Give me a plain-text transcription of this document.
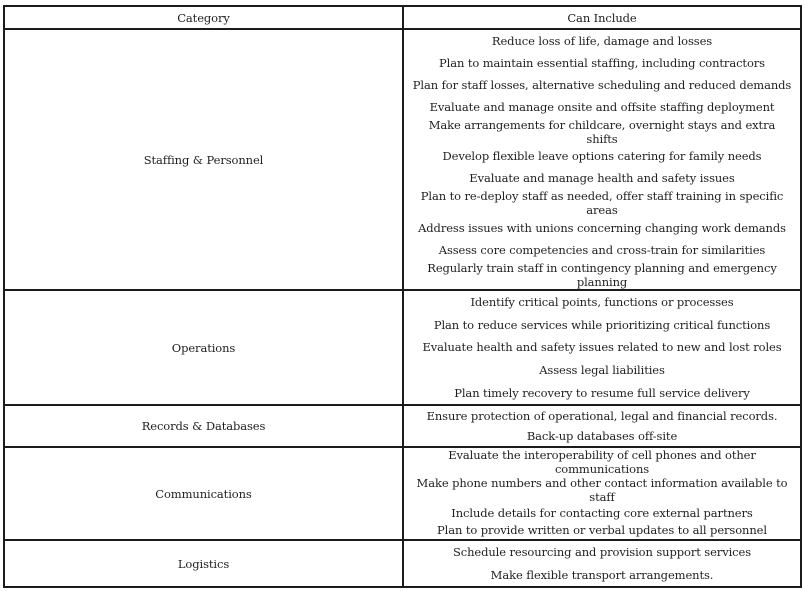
Category	Can Include
Staffing & Personnel
Reduce loss of life, damage and losses
Plan to maintain essential staffing, including contractors
Plan for staff losses, alternative scheduling and reduced demands
Evaluate and manage onsite and offsite staffing deployment
Make arrangements for childcare, overnight stays and extra shifts
Develop flexible leave options catering for family needs
Evaluate and manage health and safety issues
Plan to re-deploy staff as needed, offer staff training in specific areas
Address issues with unions concerning changing work demands
Assess core competencies and cross-train for similarities
Regularly train staff in contingency planning and emergency planning
Operations
Identify critical points, functions or processes
Plan to reduce services while prioritizing critical functions
Evaluate health and safety issues related to new and lost roles
Assess legal liabilities
Plan timely recovery to resume full service delivery
Records & Databases
Ensure protection of operational, legal and financial records.
Back-up databases off-site
Communications
Evaluate the interoperability of cell phones and other communications
Make phone numbers and other contact information available to staff
Include details for contacting core external partners
Plan to provide written or verbal updates to all personnel
Logistics
Schedule resourcing and provision support services
Make flexible transport arrangements.
